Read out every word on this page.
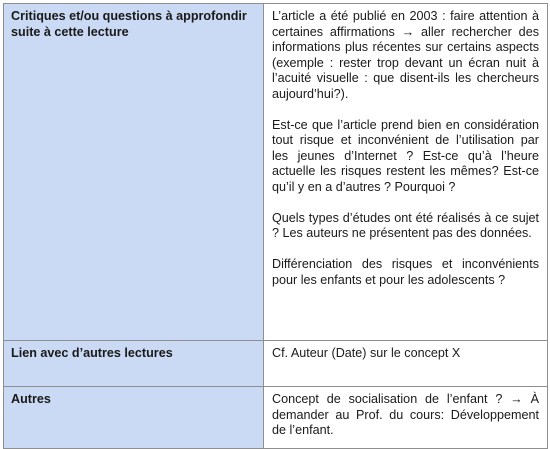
Critiques et/ou questions à approfondir suite à cette lecture	L’article a été publié en 2003 : faire attention à certaines affirmations → aller rechercher des informations plus récentes sur certains aspects (exemple : rester trop devant un écran nuit à l’acuité visuelle : que disent-ils les chercheurs aujourd’hui?).

Est-ce que l’article prend bien en considération tout risque et inconvénient de l’utilisation par les jeunes d’Internet ? Est-ce qu’à l’heure actuelle les risques restent les mêmes? Est-ce qu’il y en a d’autres ? Pourquoi ?

Quels types d’études ont été réalisés à ce sujet ? Les auteurs ne présentent pas des données.

Différenciation des risques et inconvénients pour les enfants et pour les adolescents ?

Lien avec d’autres lectures	Cf. Auteur (Date) sur le concept X

Autres	Concept de socialisation de l’enfant ? → À demander au Prof. du cours: Développement de l’enfant.
